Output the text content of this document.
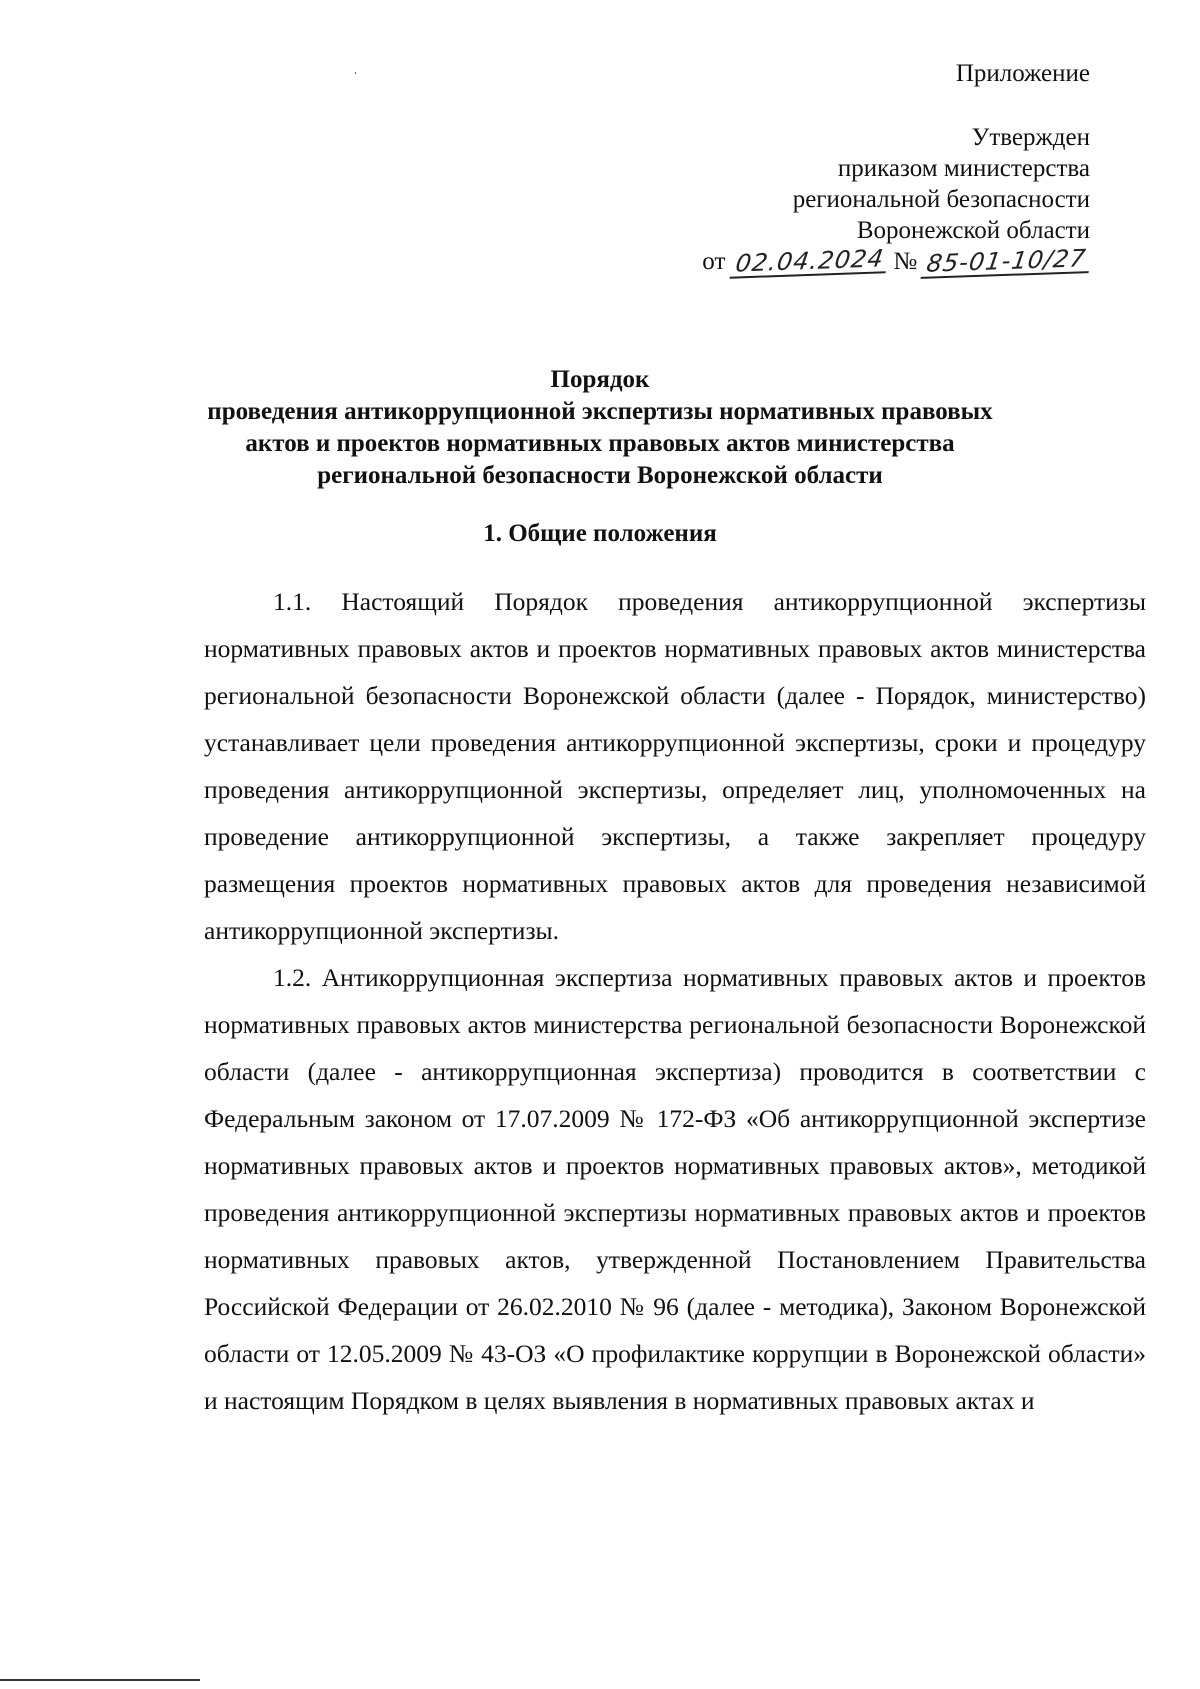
Приложение
Утвержден
приказом министерства
региональной безопасности
Воронежской области
от 02.04.2024 № 85-01-10/27
Порядок
проведения антикоррупционной экспертизы нормативных правовых
актов и проектов нормативных правовых актов министерства
региональной безопасности Воронежской области
1. Общие положения

1.1. Настоящий Порядок проведения антикоррупционной экспертизы нормативных правовых актов и проектов нормативных правовых актов министерства региональной безопасности Воронежской области (далее - Порядок, министерство) устанавливает цели проведения антикоррупционной экспертизы, сроки и процедуру проведения антикоррупционной экспертизы, определяет лиц, уполномоченных на проведение антикоррупционной экспертизы, а также закрепляет процедуру размещения проектов нормативных правовых актов для проведения независимой антикоррупционной экспертизы.

1.2. Антикоррупционная экспертиза нормативных правовых актов и проектов нормативных правовых актов министерства региональной безопасности Воронежской области (далее - антикоррупционная экспертиза) проводится в соответствии с Федеральным законом от 17.07.2009 № 172-ФЗ «Об антикоррупционной экспертизе нормативных правовых актов и проектов нормативных правовых актов», методикой проведения антикоррупционной экспертизы нормативных правовых актов и проектов нормативных правовых актов, утвержденной Постановлением Правительства Российской Федерации от 26.02.2010 № 96 (далее - методика), Законом Воронежской области от 12.05.2009 № 43-ОЗ «О профилактике коррупции в Воронежской области» и настоящим Порядком в целях выявления в нормативных правовых актах и
